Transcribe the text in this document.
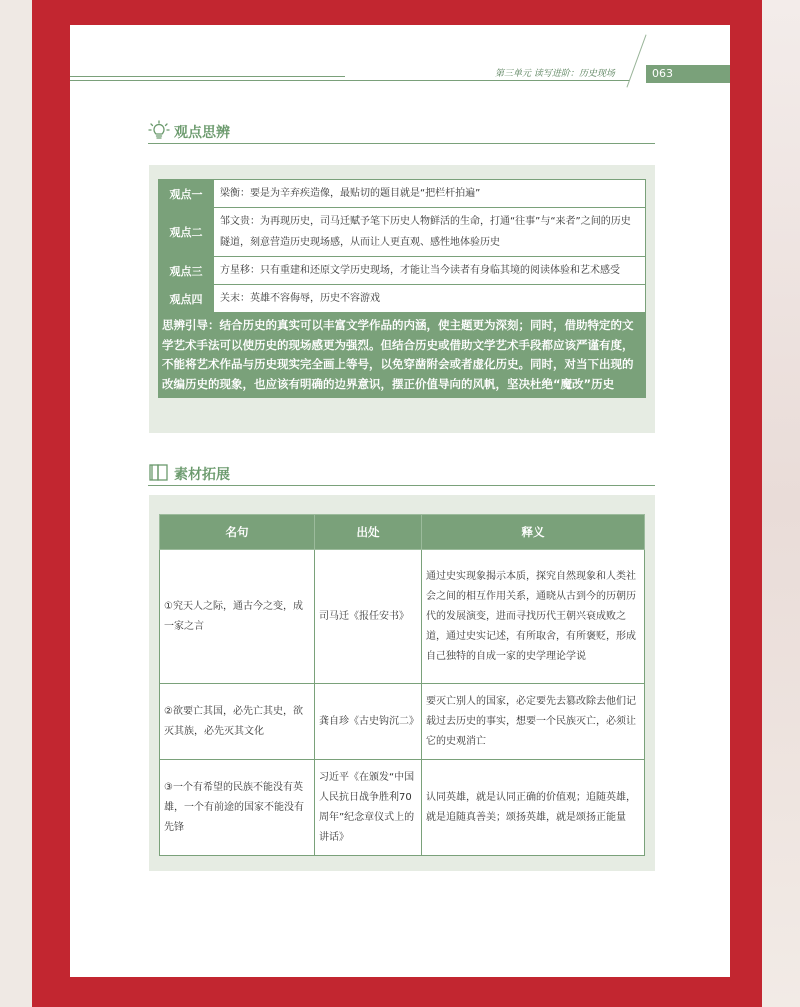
第三单元 读写进阶：历史现场	063
观点思辨
观点一	梁衡：要是为辛弃疾造像，最贴切的题目就是“把栏杆拍遍”
观点二	邹文贵：为再现历史，司马迁赋予笔下历史人物鲜活的生命，打通“往事”与“来者”之间的历史隧道，刻意营造历史现场感，从而让人更直观、感性地体验历史
观点三	方星移：只有重建和还原文学历史现场，才能让当今读者有身临其境的阅读体验和艺术感受
观点四	关末：英雄不容侮辱，历史不容游戏
思辨引导：结合历史的真实可以丰富文学作品的内涵，使主题更为深刻；同时，借助特定的文学艺术手法可以使历史的现场感更为强烈。但结合历史或借助文学艺术手段都应该严谨有度，不能将艺术作品与历史现实完全画上等号，以免穿凿附会或者虚化历史。同时，对当下出现的改编历史的现象，也应该有明确的边界意识，摆正价值导向的风帆，坚决杜绝“魔改”历史
素材拓展
名句	出处	释义
①究天人之际，通古今之变，成一家之言	司马迁《报任安书》	通过史实现象揭示本质，探究自然现象和人类社会之间的相互作用关系，通晓从古到今的历朝历代的发展演变，进而寻找历代王朝兴衰成败之道，通过史实记述，有所取舍，有所褒贬，形成自己独特的自成一家的史学理论学说
②欲要亡其国，必先亡其史，欲灭其族，必先灭其文化	龚自珍《古史钩沉二》	要灭亡别人的国家，必定要先去篡改除去他们记载过去历史的事实，想要一个民族灭亡，必须让它的史观消亡
③一个有希望的民族不能没有英雄，一个有前途的国家不能没有先锋	习近平《在颁发“中国人民抗日战争胜利70周年”纪念章仪式上的讲话》	认同英雄，就是认同正确的价值观；追随英雄，就是追随真善美；颂扬英雄，就是颂扬正能量
